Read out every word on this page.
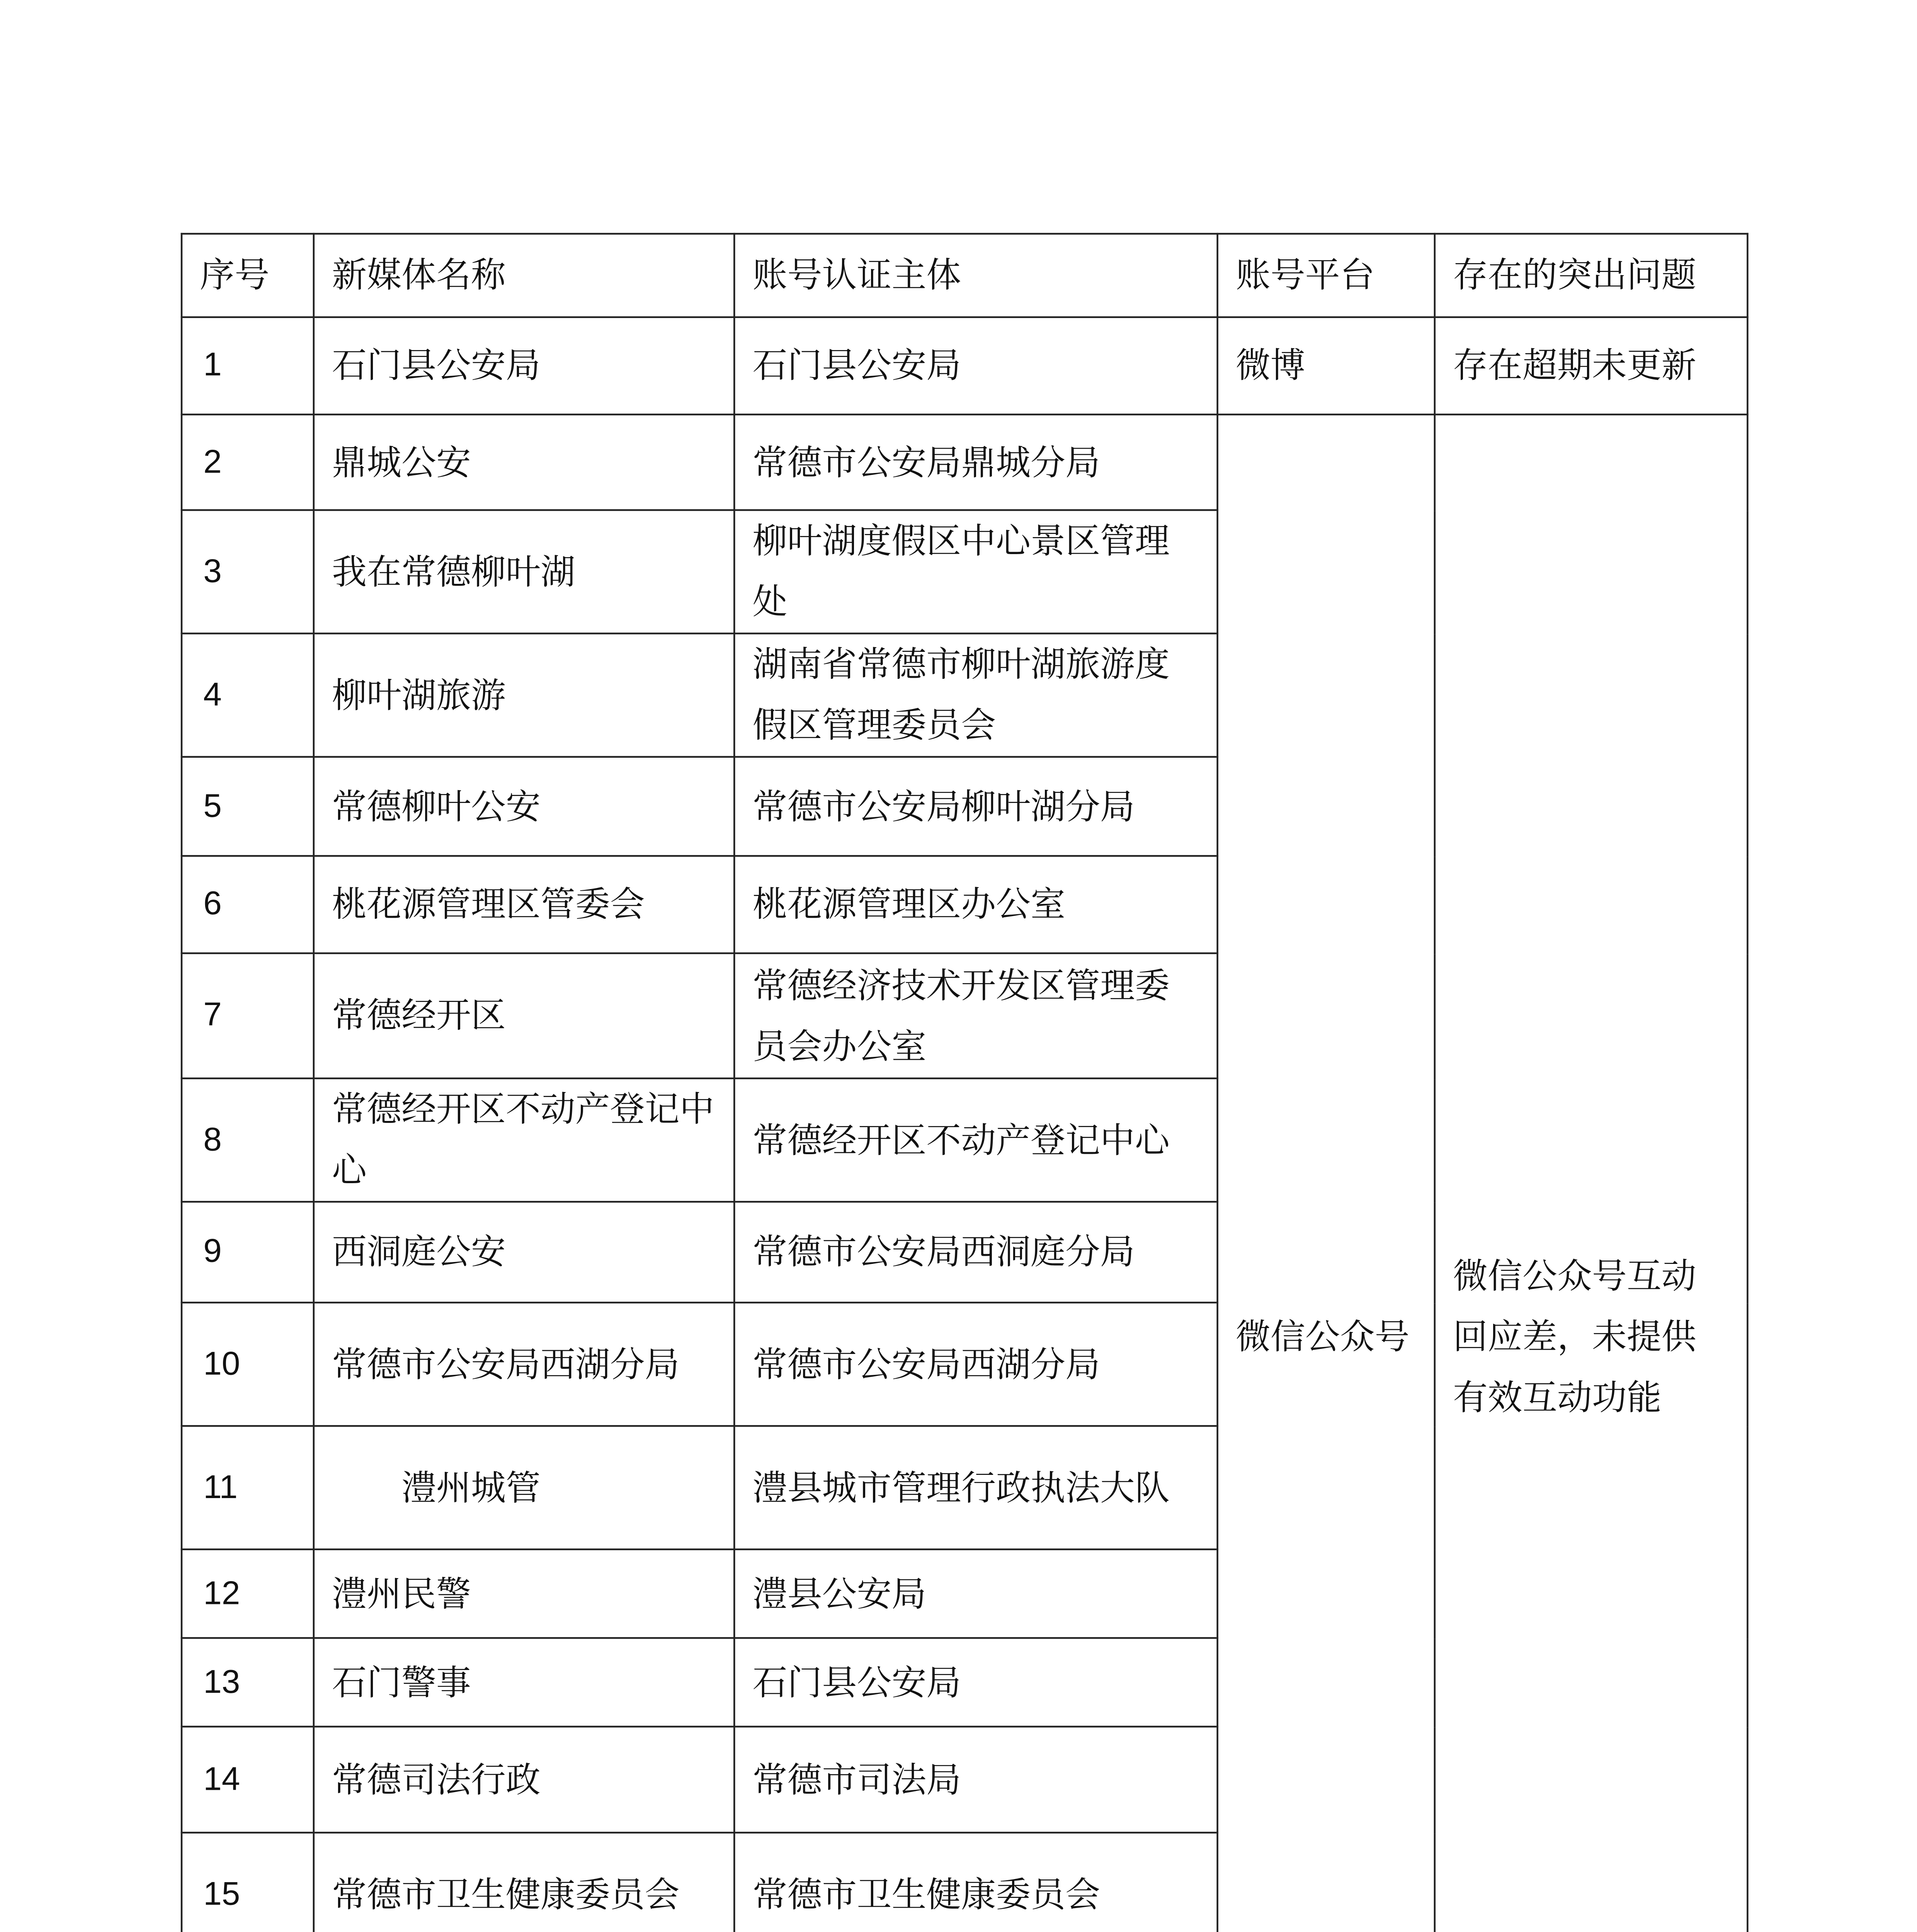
序号	新媒体名称	账号认证主体	账号平台	存在的突出问题
1	石门县公安局	石门县公安局	微博	存在超期未更新
2	鼎城公安	常德市公安局鼎城分局	微信公众号	微信公众号互动回应差，未提供有效互动功能
3	我在常德柳叶湖	柳叶湖度假区中心景区管理处		
4	柳叶湖旅游	湖南省常德市柳叶湖旅游度假区管理委员会		
5	常德柳叶公安	常德市公安局柳叶湖分局		
6	桃花源管理区管委会	桃花源管理区办公室		
7	常德经开区	常德经济技术开发区管理委员会办公室		
8	常德经开区不动产登记中心	常德经开区不动产登记中心		
9	西洞庭公安	常德市公安局西洞庭分局		
10	常德市公安局西湖分局	常德市公安局西湖分局		
11	澧州城管	澧县城市管理行政执法大队		
12	澧州民警	澧县公安局		
13	石门警事	石门县公安局		
14	常德司法行政	常德市司法局		
15	常德市卫生健康委员会	常德市卫生健康委员会		
